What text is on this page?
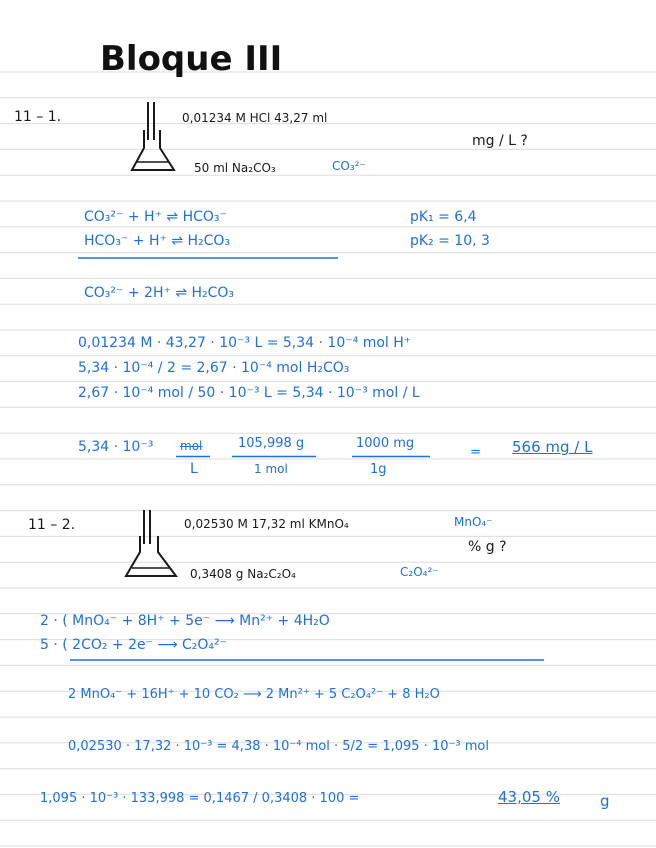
Bloque III
11 – 1.	0,01234 M HCl 43,27 ml
mg / L ?
50 ml Na₂CO₃	CO₃²⁻
CO₃²⁻ + H⁺ ⇌ HCO₃⁻
HCO₃⁻ + H⁺ ⇌ H₂CO₃
pK₁ = 6,4
pK₂ = 10, 3
CO₃²⁻ + 2H⁺ ⇌ H₂CO₃
0,01234 M · 43,27 · 10⁻³ L = 5,34 · 10⁻⁴ mol H⁺
5,34 · 10⁻⁴ / 2 = 2,67 · 10⁻⁴ mol H₂CO₃
2,67 · 10⁻⁴ mol / 50 · 10⁻³ L = 5,34 · 10⁻³ mol / L
5,34 · 10⁻³ mol
L
105,998 g
1 mol
1000 mg
1g
= 566 mg / L
11 – 2.	0,02530 M 17,32 ml KMnO₄	MnO₄⁻
% g ?
0,3408 g Na₂C₂O₄	C₂O₄²⁻
2 · ( MnO₄⁻ + 8H⁺ + 5e⁻ ⟶ Mn²⁺ + 4H₂O
5 · ( 2CO₂ + 2e⁻ ⟶ C₂O₄²⁻
2 MnO₄⁻ + 16H⁺ + 10 CO₂ ⟶ 2 Mn²⁺ + 5 C₂O₄²⁻ + 8 H₂O
0,02530 · 17,32 · 10⁻³ = 4,38 · 10⁻⁴ mol · 5/2 = 1,095 · 10⁻³ mol
1,095 · 10⁻³ · 133,998 = 0,1467 / 0,3408 · 100 =	43,05 %	g
